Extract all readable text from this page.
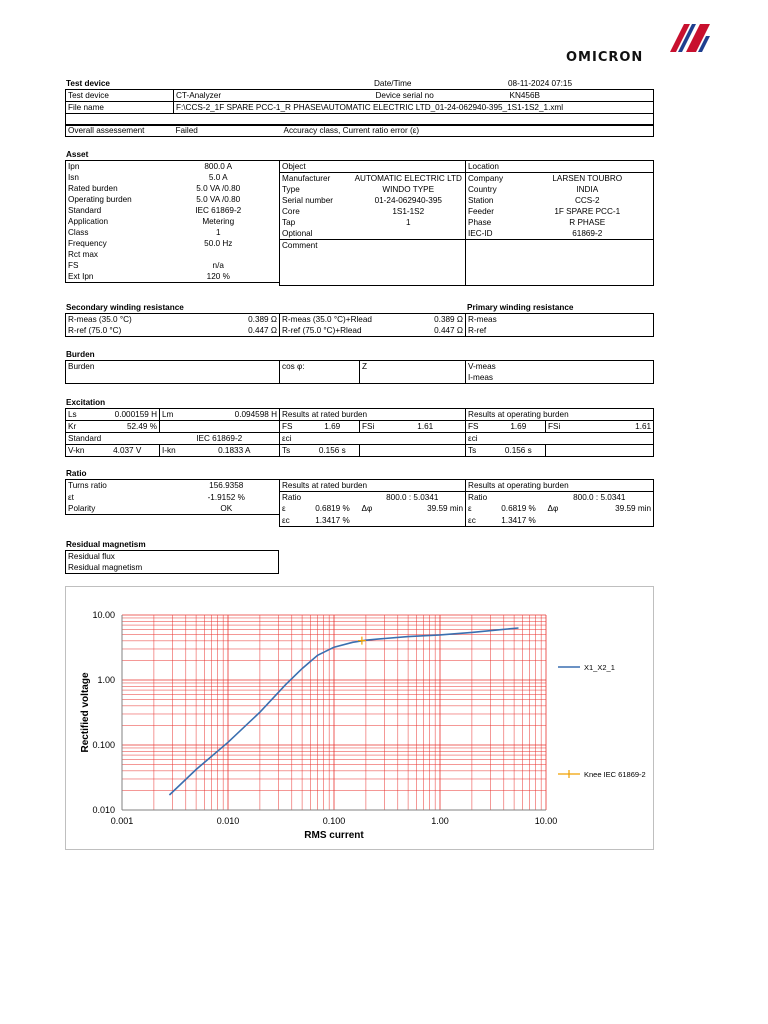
OMICRON
Test device	Date/Time	08-11-2024 07:15
Test device	CT-Analyzer	Device serial no	KN456B
File name	F:\CCS-2_1F SPARE PCC-1_R PHASE\AUTOMATIC ELECTRIC LTD_01-24-062940-395_1S1-1S2_1.xml		

Overall assessement	Failed	Accuracy class, Current ratio error (ε)
Asset
Ipn	800.0 A
Isn	5.0 A
Rated burden	5.0 VA /0.80
Operating burden	5.0 VA /0.80
Standard	IEC 61869-2
Application	Metering
Class	1
Frequency	50.0 Hz
Rct max	
FS	n/a
Ext Ipn	120 %
Object	
Manufacturer	AUTOMATIC ELECTRIC LTD
Type	WINDO TYPE
Serial number	01-24-062940-395
Core	1S1-1S2
Tap	1
Optional	
Comment	
Location	
Company	LARSEN TOUBRO
Country	INDIA
Station	CCS-2
Feeder	1F SPARE PCC-1
Phase	R PHASE
IEC-ID	61869-2

Secondary winding resistance	Primary winding resistance
R-meas (35.0 °C)	0.389 Ω	R-meas (35.0 °C)+Rlead	0.389 Ω	R-meas
R-ref (75.0 °C)	0.447 Ω	R-ref (75.0 °C)+Rlead	0.447 Ω	R-ref
Burden
Burden	cos φ:	Z	V-meas
I-meas
Excitation
Ls	0.000159 H	Lm	0.094598 H	Results at rated burden				Results at operating burden			
Kr	52.49 %			FS	1.69	FSi	1.61	FS	1.69	FSi	1.61
Standard		IEC 61869-2		εci				εci			
V-kn	4.037 V	I-kn	0.1833 A	Ts	0.156 s			Ts	0.156 s		
Ratio
Turns ratio	156.9358	Results at rated burden				Results at operating burden			
εt	-1.9152 %	Ratio		800.0 : 5.0341		Ratio		800.0 : 5.0341	
Polarity	OK	ε	0.6819 %	Δφ	39.59 min	ε	0.6819 %	Δφ	39.59 min
		εc	1.3417 %			εc	1.3417 %		
Residual magnetism
Residual flux
Residual magnetism
0.001	0.010	0.100	1.00	10.00
0.010
0.100
1.00
10.00
RMS current
Rectified voltage
X1_X2_1
Knee IEC 61869-2
